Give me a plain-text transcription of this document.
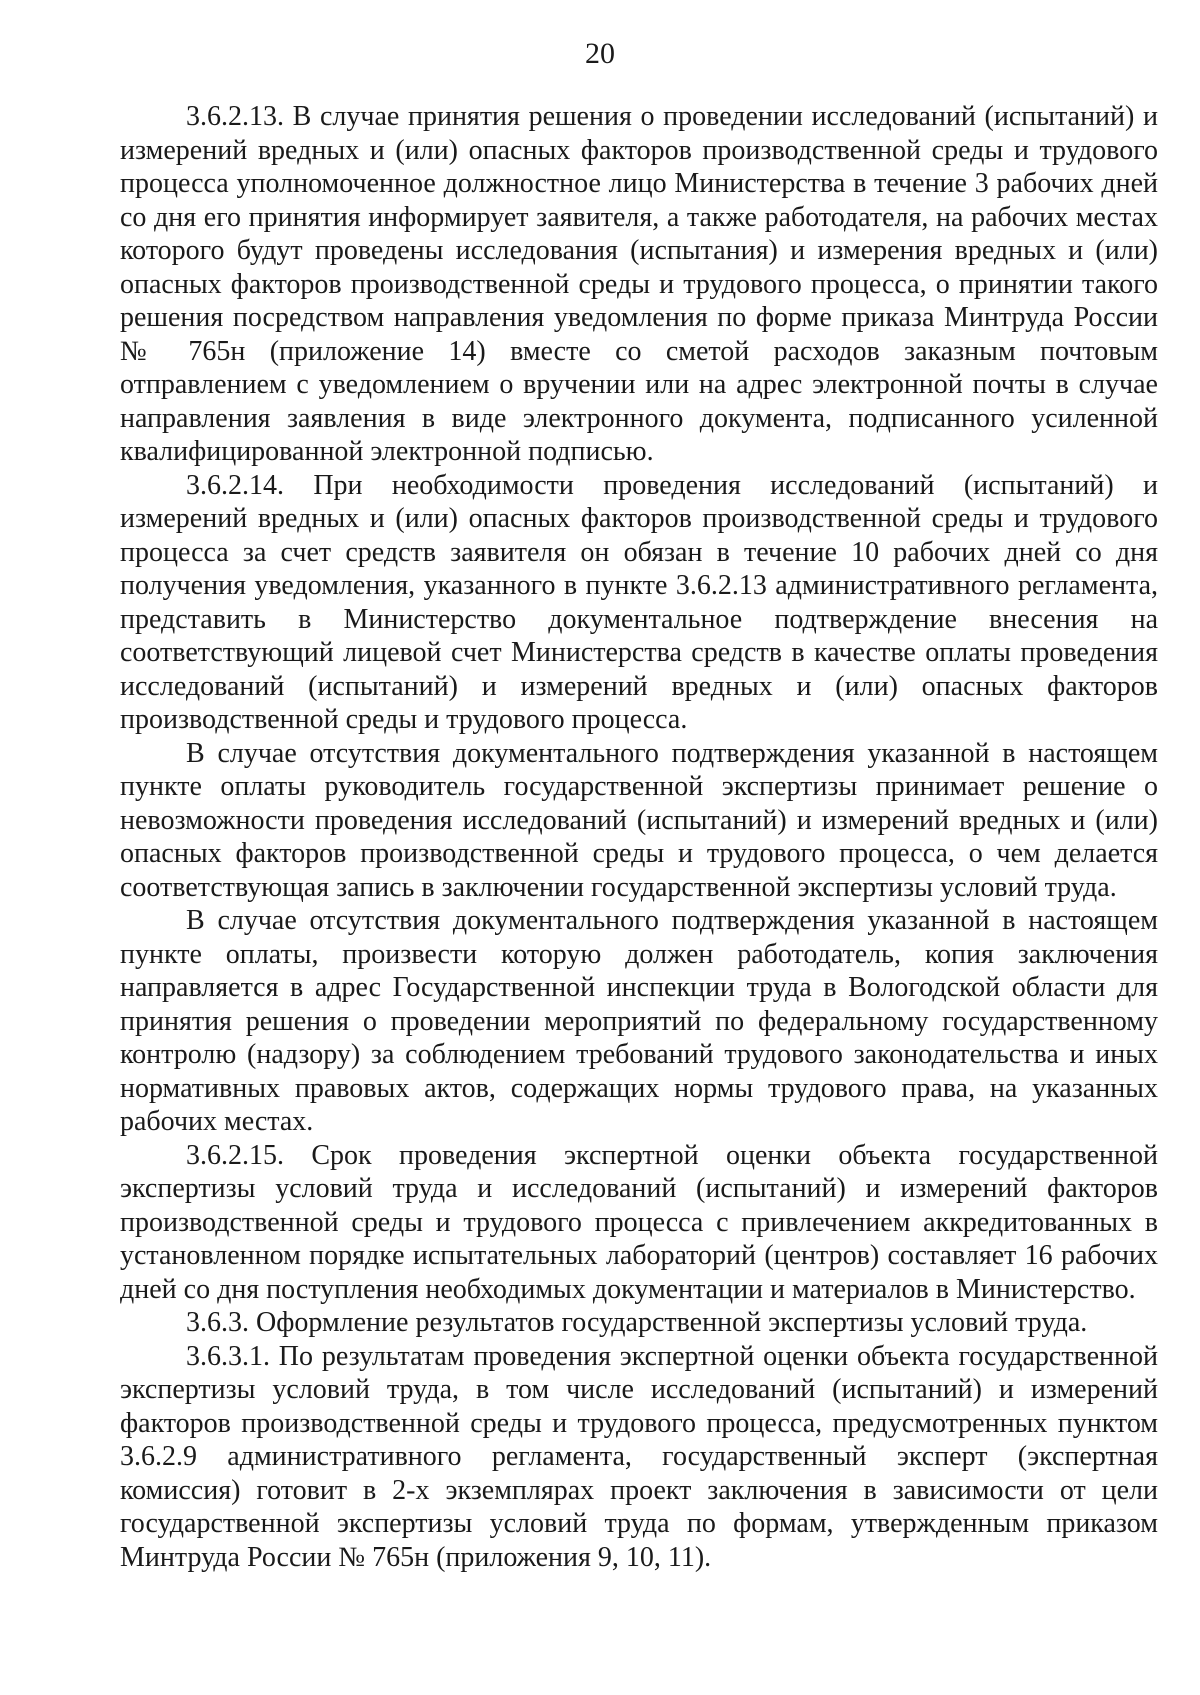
20

3.6.2.13. В случае принятия решения о проведении исследований (испытаний) и измерений вредных и (или) опасных факторов производственной среды и трудового процесса уполномоченное должностное лицо Министерства в течение 3 рабочих дней со дня его принятия информирует заявителя, а также работодателя, на рабочих местах которого будут проведены исследования (испытания) и измерения вредных и (или) опасных факторов производственной среды и трудового процесса, о принятии такого решения посредством направления уведомления по форме приказа Минтруда России № 765н (приложение 14) вместе со сметой расходов заказным почтовым отправлением с уведомлением о вручении или на адрес электронной почты в случае направления заявления в виде электронного документа, подписанного усиленной квалифицированной электронной подписью.

3.6.2.14. При необходимости проведения исследований (испытаний) и измерений вредных и (или) опасных факторов производственной среды и трудового процесса за счет средств заявителя он обязан в течение 10 рабочих дней со дня получения уведомления, указанного в пункте 3.6.2.13 административного регламента, представить в Министерство документальное подтверждение внесения на соответствующий лицевой счет Министерства средств в качестве оплаты проведения исследований (испытаний) и измерений вредных и (или) опасных факторов производственной среды и трудового процесса.

В случае отсутствия документального подтверждения указанной в настоящем пункте оплаты руководитель государственной экспертизы принимает решение о невозможности проведения исследований (испытаний) и измерений вредных и (или) опасных факторов производственной среды и трудового процесса, о чем делается соответствующая запись в заключении государственной экспертизы условий труда.

В случае отсутствия документального подтверждения указанной в настоящем пункте оплаты, произвести которую должен работодатель, копия заключения направляется в адрес Государственной инспекции труда в Вологодской области для принятия решения о проведении мероприятий по федеральному государственному контролю (надзору) за соблюдением требований трудового законодательства и иных нормативных правовых актов, содержащих нормы трудового права, на указанных рабочих местах.

3.6.2.15. Срок проведения экспертной оценки объекта государственной экспертизы условий труда и исследований (испытаний) и измерений факторов производственной среды и трудового процесса с привлечением аккредитованных в установленном порядке испытательных лабораторий (центров) составляет 16 рабочих дней со дня поступления необходимых документации и материалов в Министерство.

3.6.3. Оформление результатов государственной экспертизы условий труда.

3.6.3.1. По результатам проведения экспертной оценки объекта государственной экспертизы условий труда, в том числе исследований (испытаний) и измерений факторов производственной среды и трудового процесса, предусмотренных пунктом 3.6.2.9 административного регламента, государственный эксперт (экспертная комиссия) готовит в 2-х экземплярах проект заключения в зависимости от цели государственной экспертизы условий труда по формам, утвержденным приказом Минтруда России № 765н (приложения 9, 10, 11).
